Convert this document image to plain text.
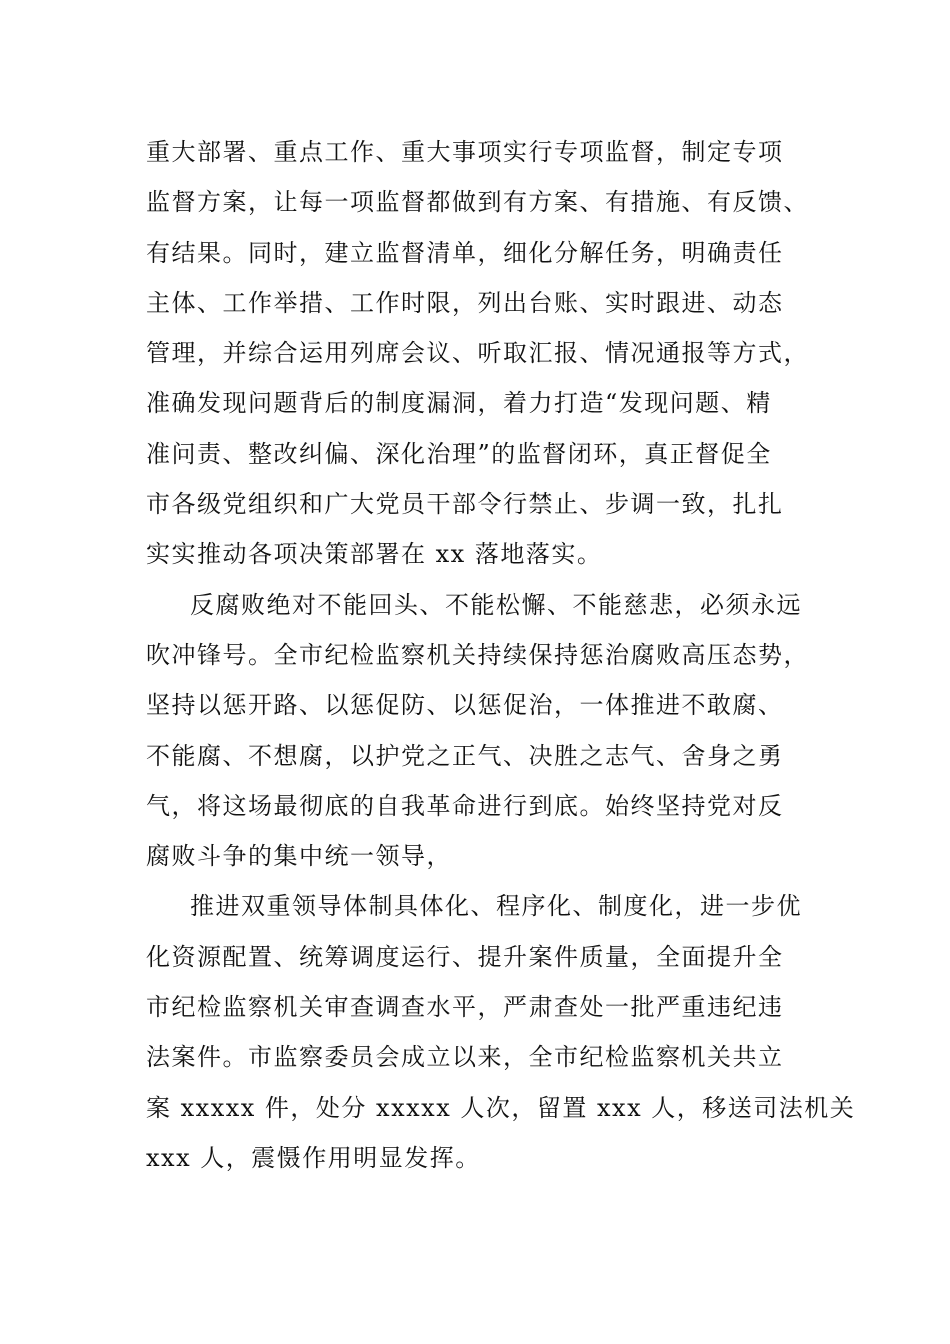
重大部署、重点工作、重大事项实行专项监督，制定专项
监督方案，让每一项监督都做到有方案、有措施、有反馈、
有结果。同时，建立监督清单，细化分解任务，明确责任
主体、工作举措、工作时限，列出台账、实时跟进、动态
管理，并综合运用列席会议、听取汇报、情况通报等方式，
准确发现问题背后的制度漏洞，着力打造“发现问题、精
准问责、整改纠偏、深化治理”的监督闭环，真正督促全
市各级党组织和广大党员干部令行禁止、步调一致，扎扎
实实推动各项决策部署在 xx 落地落实。
反腐败绝对不能回头、不能松懈、不能慈悲，必须永远
吹冲锋号。全市纪检监察机关持续保持惩治腐败高压态势，
坚持以惩开路、以惩促防、以惩促治，一体推进不敢腐、
不能腐、不想腐，以护党之正气、决胜之志气、舍身之勇
气，将这场最彻底的自我革命进行到底。始终坚持党对反
腐败斗争的集中统一领导，
推进双重领导体制具体化、程序化、制度化，进一步优
化资源配置、统筹调度运行、提升案件质量，全面提升全
市纪检监察机关审查调查水平，严肃查处一批严重违纪违
法案件。市监察委员会成立以来，全市纪检监察机关共立
案 xxxxx 件，处分 xxxxx 人次，留置 xxx 人，移送司法机关
xxx 人，震慑作用明显发挥。
